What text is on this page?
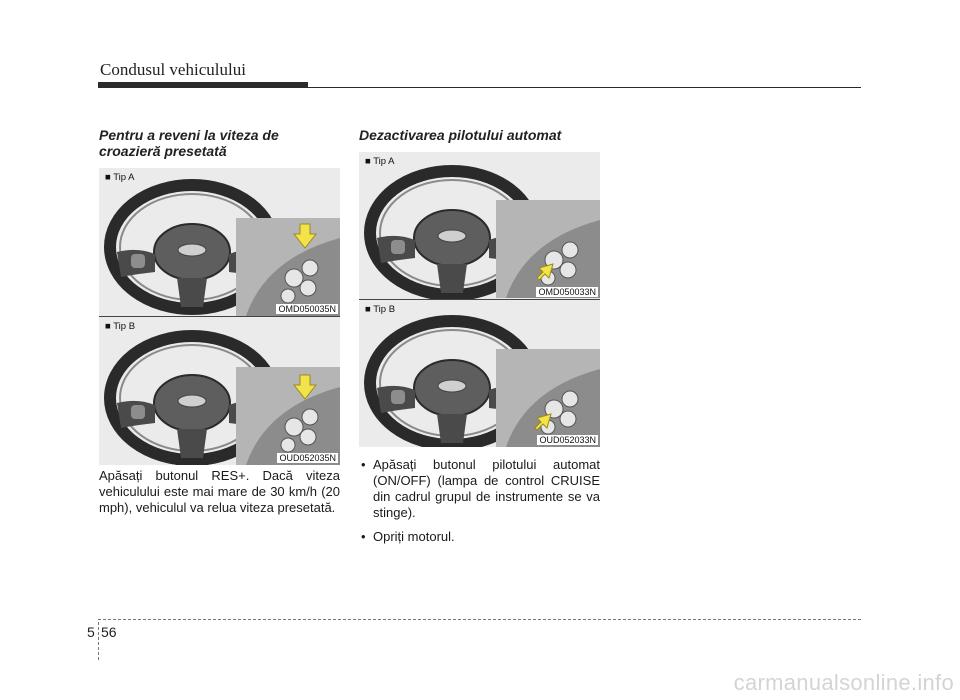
Condusul vehiculului
Pentru a reveni la viteza de
croazieră presetată
■ Tip A
OMD050035N
■ Tip B
OUD052035N
Apăsați butonul RES+. Dacă viteza vehiculului este mai mare de 30 km/h (20 mph), vehiculul va relua viteza presetată.
Dezactivarea pilotului automat
■ Tip A
OMD050033N
■ Tip B
OUD052033N
• Apăsați butonul pilotului automat (ON/OFF) (lampa de control CRUISE din cadrul grupul de instrumente se va stinge).
• Opriți motorul.
5 56
carmanualsonline.info
